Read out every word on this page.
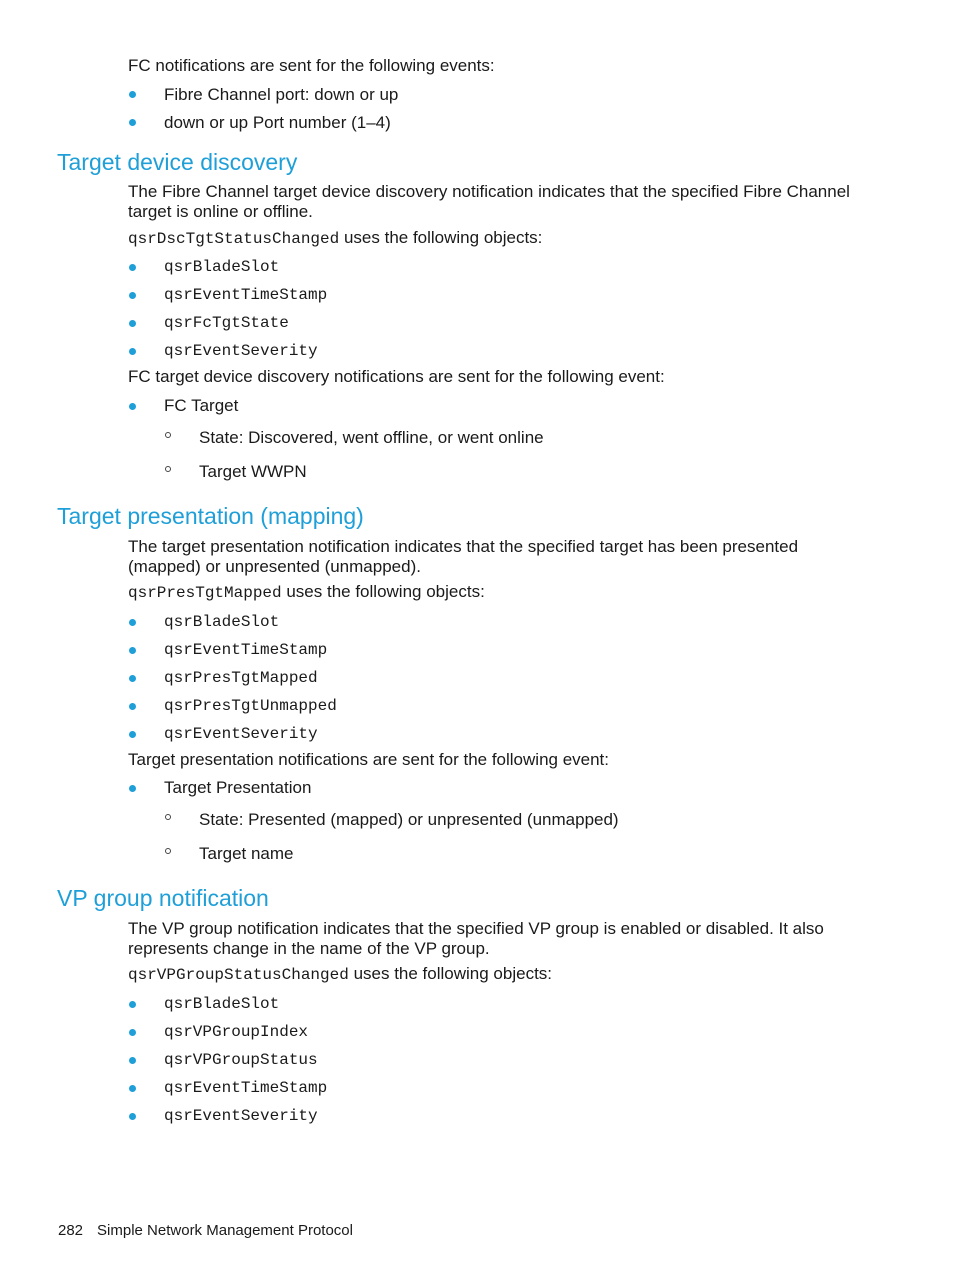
FC notifications are sent for the following events:
Fibre Channel port: down or up
down or up Port number (1–4)
Target device discovery
The Fibre Channel target device discovery notification indicates that the specified Fibre Channel target is online or offline.
qsrDscTgtStatusChanged uses the following objects:
qsrBladeSlot
qsrEventTimeStamp
qsrFcTgtState
qsrEventSeverity
FC target device discovery notifications are sent for the following event:
FC Target
State: Discovered, went offline, or went online
Target WWPN
Target presentation (mapping)
The target presentation notification indicates that the specified target has been presented (mapped) or unpresented (unmapped).
qsrPresTgtMapped uses the following objects:
qsrBladeSlot
qsrEventTimeStamp
qsrPresTgtMapped
qsrPresTgtUnmapped
qsrEventSeverity
Target presentation notifications are sent for the following event:
Target Presentation
State: Presented (mapped) or unpresented (unmapped)
Target name
VP group notification
The VP group notification indicates that the specified VP group is enabled or disabled. It also represents change in the name of the VP group.
qsrVPGroupStatusChanged uses the following objects:
qsrBladeSlot
qsrVPGroupIndex
qsrVPGroupStatus
qsrEventTimeStamp
qsrEventSeverity
282 Simple Network Management Protocol
